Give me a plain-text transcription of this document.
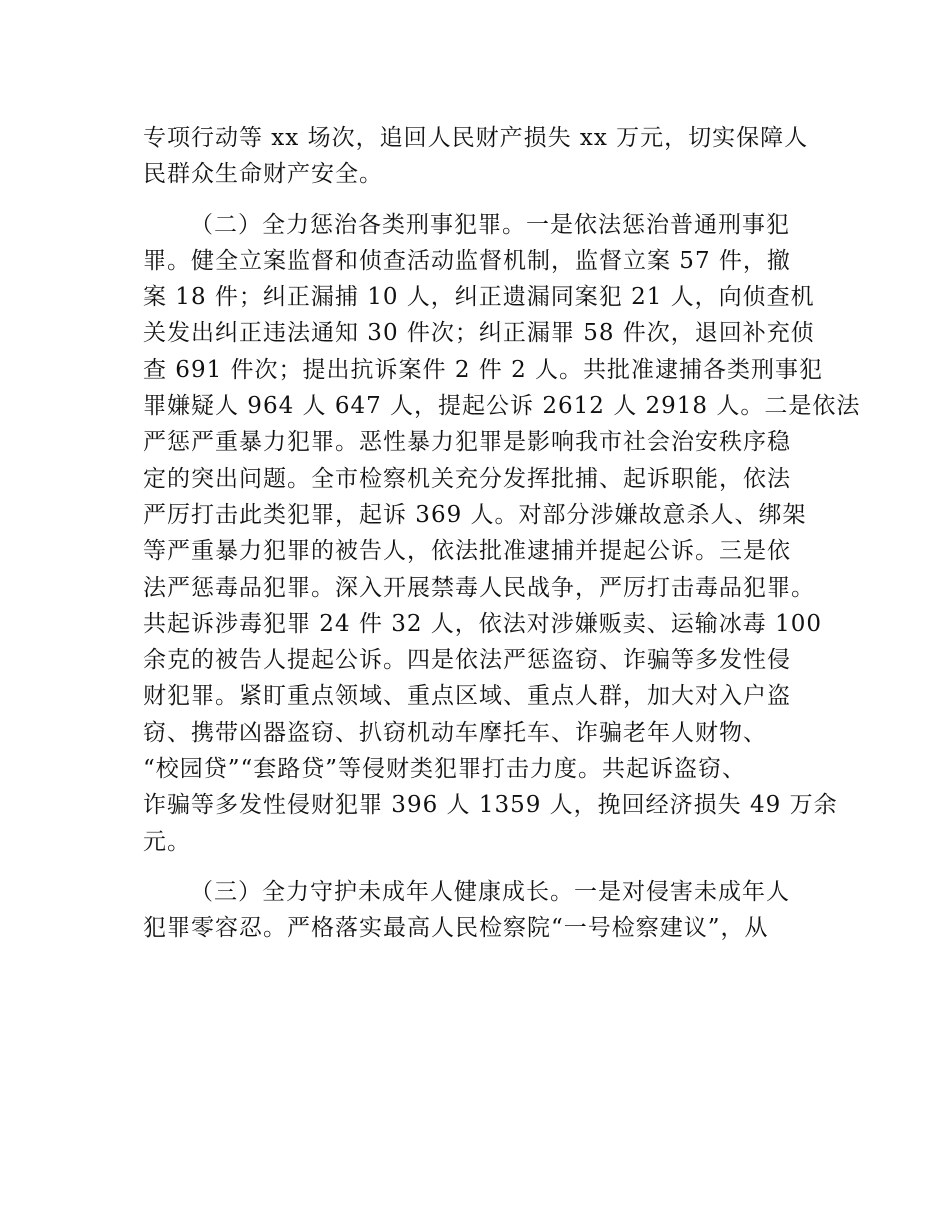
专项行动等 xx 场次，追回人民财产损失 xx 万元，切实保障人
民群众生命财产安全。
（二）全力惩治各类刑事犯罪。一是依法惩治普通刑事犯
罪。健全立案监督和侦查活动监督机制，监督立案 57 件，撤
案 18 件；纠正漏捕 10 人，纠正遗漏同案犯 21 人，向侦查机
关发出纠正违法通知 30 件次；纠正漏罪 58 件次，退回补充侦
查 691 件次；提出抗诉案件 2 件 2 人。共批准逮捕各类刑事犯
罪嫌疑人 964 人 647 人，提起公诉 2612 人 2918 人。二是依法
严惩严重暴力犯罪。恶性暴力犯罪是影响我市社会治安秩序稳
定的突出问题。全市检察机关充分发挥批捕、起诉职能，依法
严厉打击此类犯罪，起诉 369 人。对部分涉嫌故意杀人、绑架
等严重暴力犯罪的被告人，依法批准逮捕并提起公诉。三是依
法严惩毒品犯罪。深入开展禁毒人民战争，严厉打击毒品犯罪。
共起诉涉毒犯罪 24 件 32 人，依法对涉嫌贩卖、运输冰毒 100
余克的被告人提起公诉。四是依法严惩盗窃、诈骗等多发性侵
财犯罪。紧盯重点领域、重点区域、重点人群，加大对入户盗
窃、携带凶器盗窃、扒窃机动车摩托车、诈骗老年人财物、
“校园贷”“套路贷”等侵财类犯罪打击力度。共起诉盗窃、
诈骗等多发性侵财犯罪 396 人 1359 人，挽回经济损失 49 万余
元。
（三）全力守护未成年人健康成长。一是对侵害未成年人
犯罪零容忍。严格落实最高人民检察院“一号检察建议”，从
